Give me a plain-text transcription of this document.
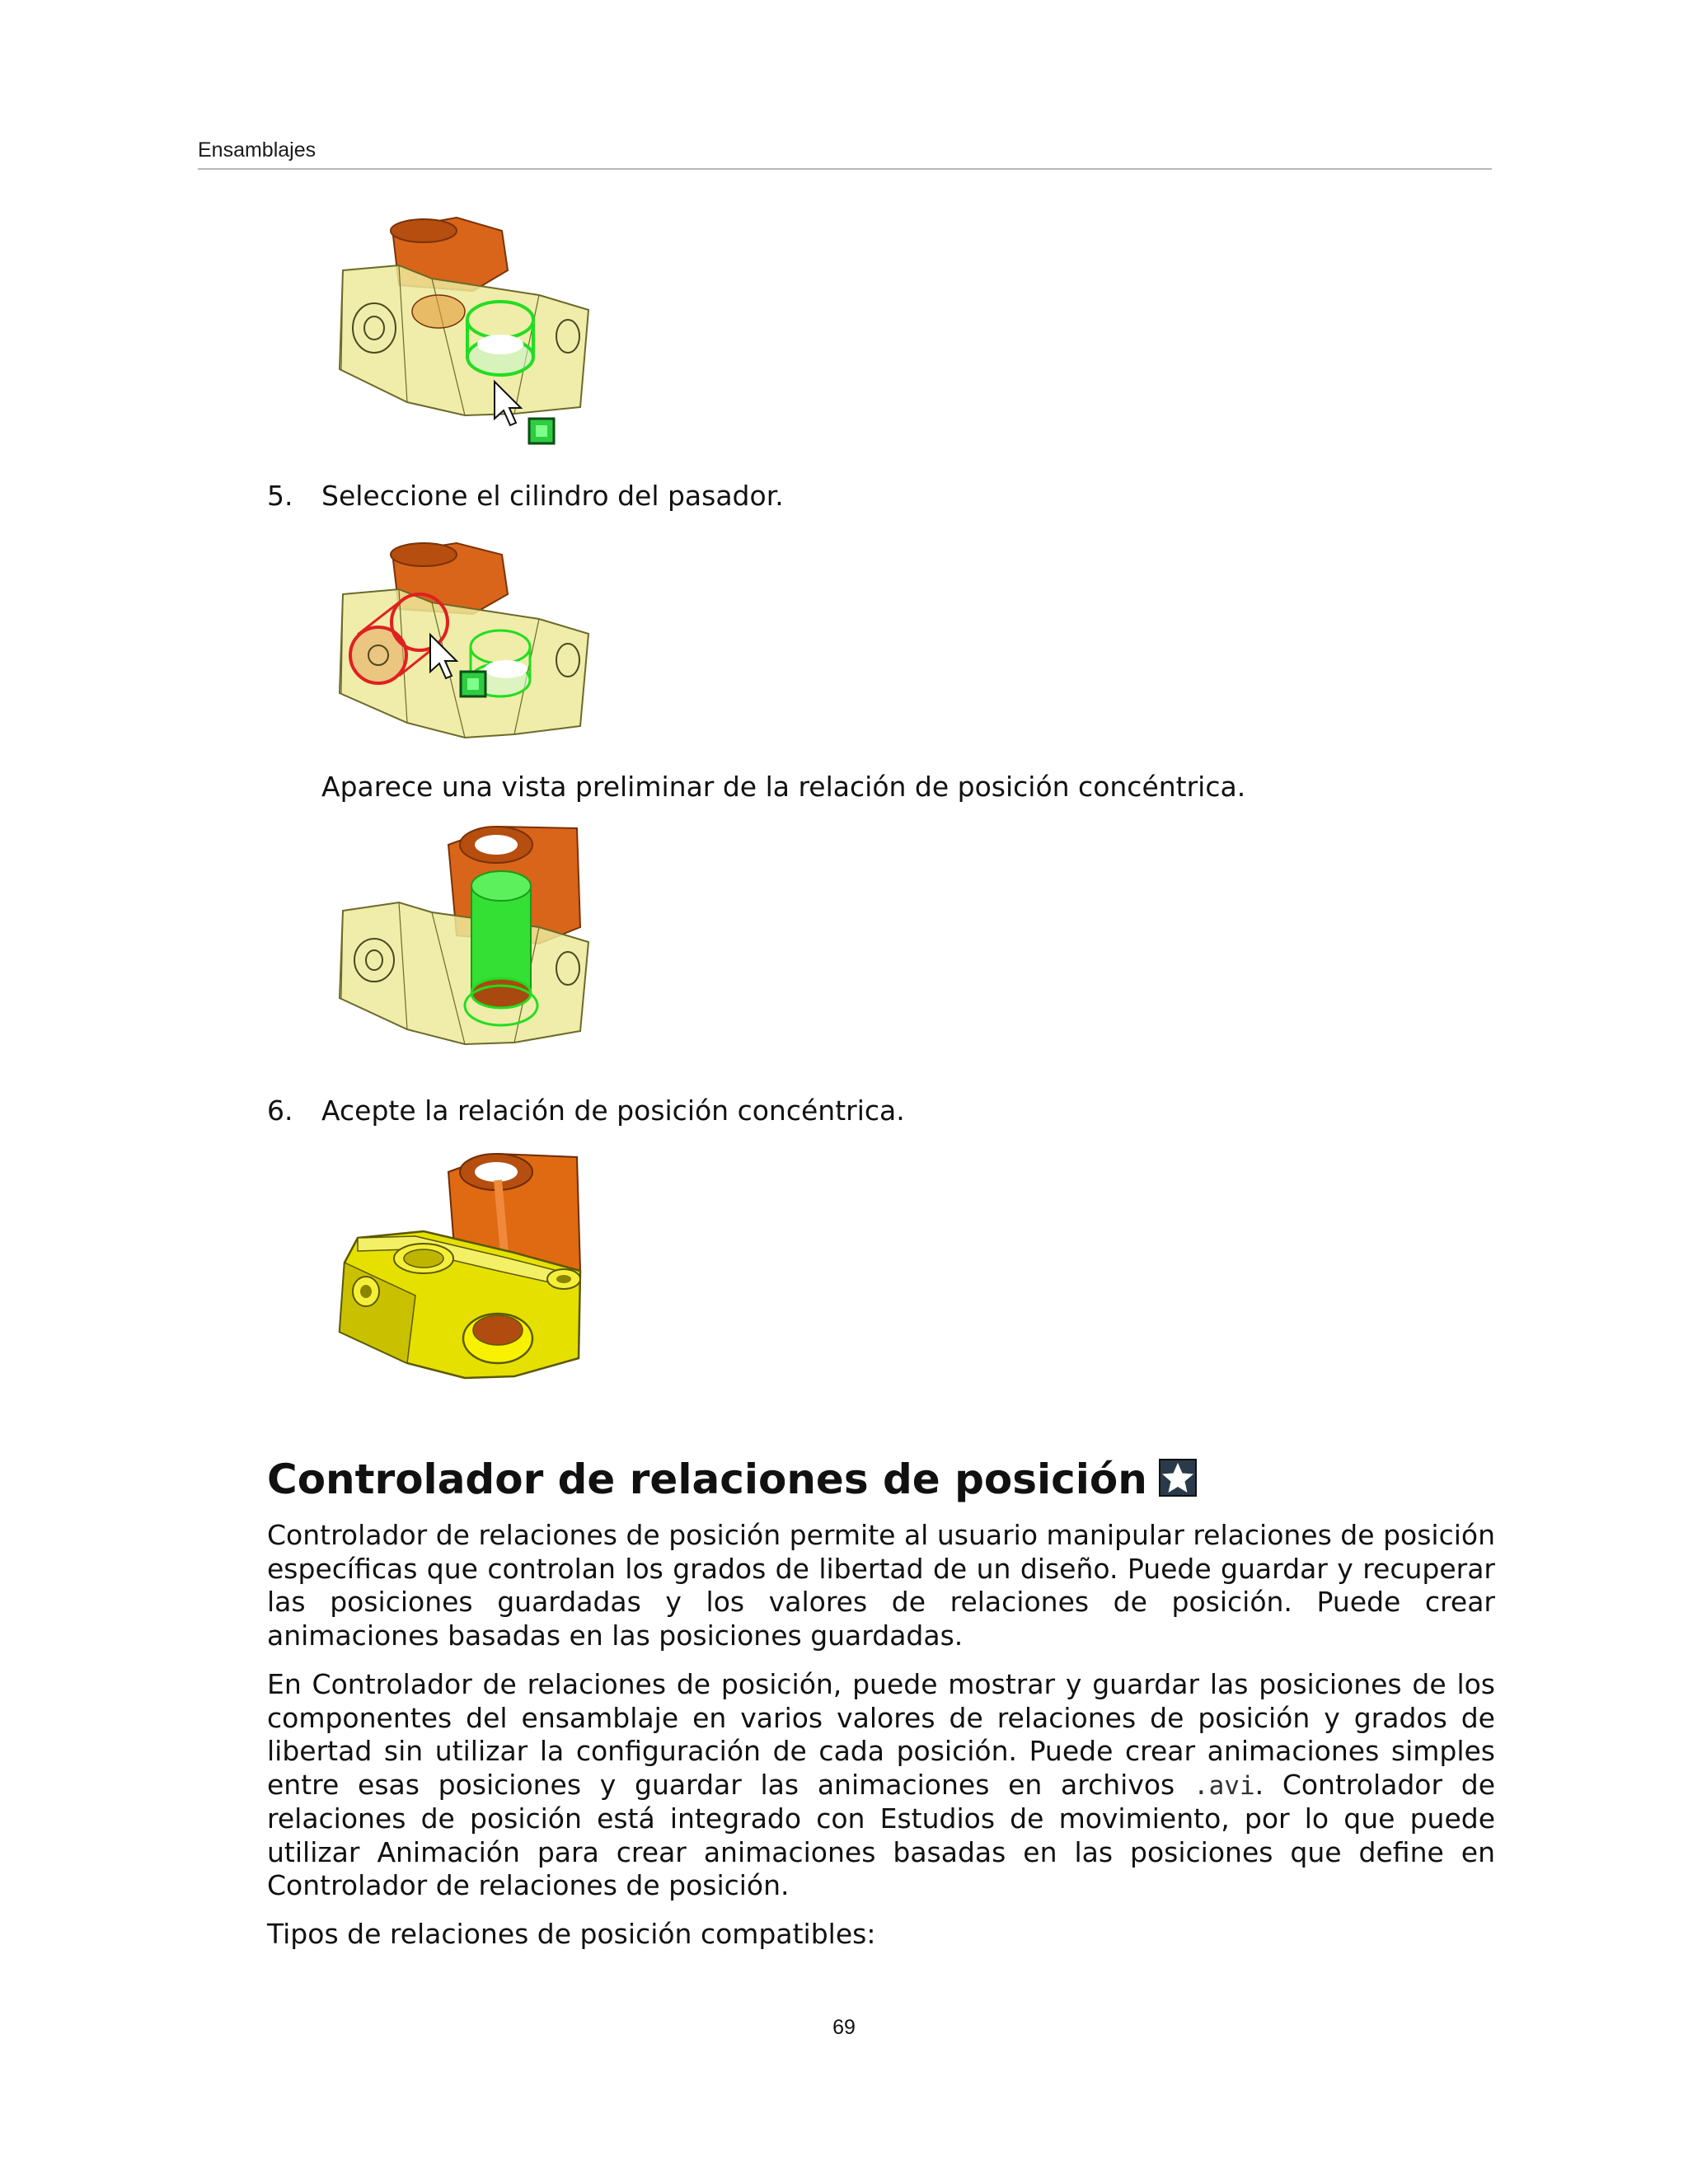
Ensamblajes
5. Seleccione el cilindro del pasador.
Aparece una vista preliminar de la relación de posición concéntrica.
6. Acepte la relación de posición concéntrica.
Controlador de relaciones de posición

Controlador de relaciones de posición permite al usuario manipular relaciones de posición específicas que controlan los grados de libertad de un diseño. Puede guardar y recuperar las posiciones guardadas y los valores de relaciones de posición. Puede crear animaciones basadas en las posiciones guardadas.

En Controlador de relaciones de posición, puede mostrar y guardar las posiciones de los componentes del ensamblaje en varios valores de relaciones de posición y grados de libertad sin utilizar la configuración de cada posición. Puede crear animaciones simples entre esas posiciones y guardar las animaciones en archivos .avi. Controlador de relaciones de posición está integrado con Estudios de movimiento, por lo que puede utilizar Animación para crear animaciones basadas en las posiciones que define en Controlador de relaciones de posición.

Tipos de relaciones de posición compatibles:

69
